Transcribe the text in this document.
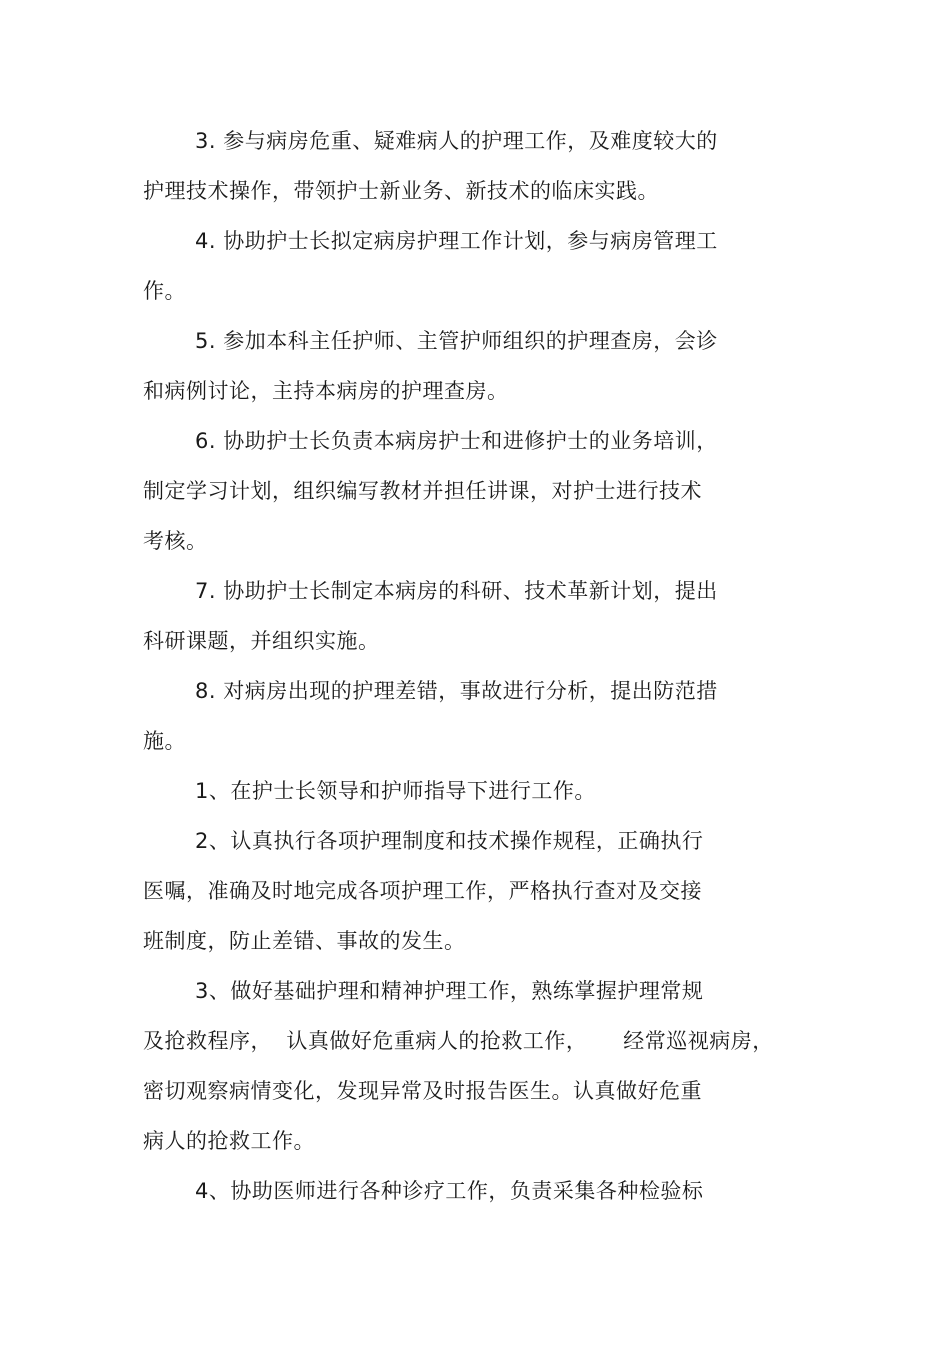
3. 参与病房危重、疑难病人的护理工作，及难度较大的
护理技术操作，带领护士新业务、新技术的临床实践。
4. 协助护士长拟定病房护理工作计划，参与病房管理工
作。
5. 参加本科主任护师、主管护师组织的护理查房，会诊
和病例讨论，主持本病房的护理查房。
6. 协助护士长负责本病房护士和进修护士的业务培训，
制定学习计划，组织编写教材并担任讲课，对护士进行技术
考核。
7. 协助护士长制定本病房的科研、技术革新计划，提出
科研课题，并组织实施。
8. 对病房出现的护理差错，事故进行分析，提出防范措
施。
1、在护士长领导和护师指导下进行工作。
2、认真执行各项护理制度和技术操作规程，正确执行
医嘱，准确及时地完成各项护理工作，严格执行查对及交接
班制度，防止差错、事故的发生。
3、做好基础护理和精神护理工作，熟练掌握护理常规
及抢救程序，  认真做好危重病人的抢救工作，     经常巡视病房，
密切观察病情变化，发现异常及时报告医生。认真做好危重
病人的抢救工作。
4、协助医师进行各种诊疗工作，负责采集各种检验标
